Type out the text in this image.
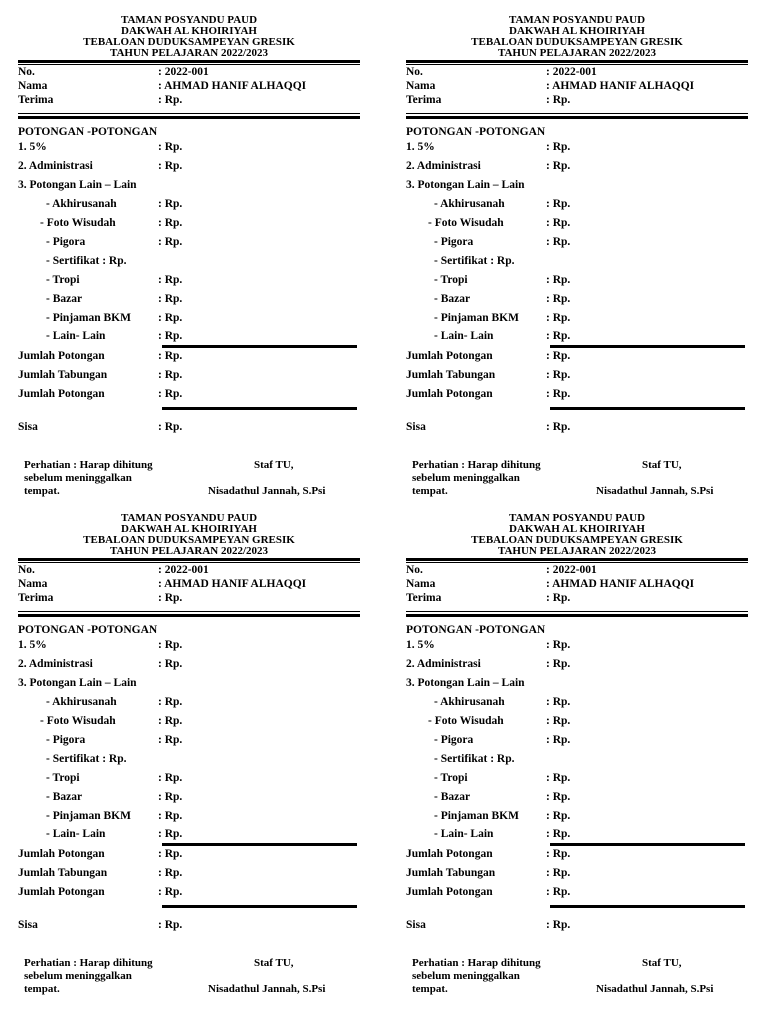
TAMAN POSYANDU PAUD
DAKWAH AL KHOIRIYAH
TEBALOAN DUDUKSAMPEYAN GRESIK
TAHUN PELAJARAN 2022/2023
No.	: 2022-001
Nama	: AHMAD HANIF ALHAQQI
Terima	: Rp.
POTONGAN -POTONGAN
1. 5%	: Rp.
2. Administrasi	: Rp.
3. Potongan Lain – Lain
- Akhirusanah	: Rp.
- Foto Wisudah	: Rp.
- Pigora	: Rp.
- Sertifikat : Rp.
- Tropi	: Rp.
- Bazar	: Rp.
- Pinjaman BKM : Rp.
- Lain- Lain	: Rp.
Jumlah Potongan	: Rp.
Jumlah Tabungan	: Rp.
Jumlah Potongan	: Rp.
Sisa	: Rp.
Perhatian : Harap dihitung
sebelum meninggalkan
tempat.
Staf TU,
Nisadathul Jannah, S.Psi
TAMAN POSYANDU PAUD
DAKWAH AL KHOIRIYAH
TEBALOAN DUDUKSAMPEYAN GRESIK
TAHUN PELAJARAN 2022/2023
No.	: 2022-001
Nama	: AHMAD HANIF ALHAQQI
Terima	: Rp.
POTONGAN -POTONGAN
1. 5%	: Rp.
2. Administrasi	: Rp.
3. Potongan Lain – Lain
- Akhirusanah	: Rp.
- Foto Wisudah	: Rp.
- Pigora	: Rp.
- Sertifikat : Rp.
- Tropi	: Rp.
- Bazar	: Rp.
- Pinjaman BKM : Rp.
- Lain- Lain	: Rp.
Jumlah Potongan	: Rp.
Jumlah Tabungan	: Rp.
Jumlah Potongan	: Rp.
Sisa	: Rp.
Perhatian : Harap dihitung
sebelum meninggalkan
tempat.
Staf TU,
Nisadathul Jannah, S.Psi
TAMAN POSYANDU PAUD
DAKWAH AL KHOIRIYAH
TEBALOAN DUDUKSAMPEYAN GRESIK
TAHUN PELAJARAN 2022/2023
No.	: 2022-001
Nama	: AHMAD HANIF ALHAQQI
Terima	: Rp.
POTONGAN -POTONGAN
1. 5%	: Rp.
2. Administrasi	: Rp.
3. Potongan Lain – Lain
- Akhirusanah	: Rp.
- Foto Wisudah	: Rp.
- Pigora	: Rp.
- Sertifikat : Rp.
- Tropi	: Rp.
- Bazar	: Rp.
- Pinjaman BKM : Rp.
- Lain- Lain	: Rp.
Jumlah Potongan	: Rp.
Jumlah Tabungan	: Rp.
Jumlah Potongan	: Rp.
Sisa	: Rp.
Perhatian : Harap dihitung
sebelum meninggalkan
tempat.
Staf TU,
Nisadathul Jannah, S.Psi
TAMAN POSYANDU PAUD
DAKWAH AL KHOIRIYAH
TEBALOAN DUDUKSAMPEYAN GRESIK
TAHUN PELAJARAN 2022/2023
No.	: 2022-001
Nama	: AHMAD HANIF ALHAQQI
Terima	: Rp.
POTONGAN -POTONGAN
1. 5%	: Rp.
2. Administrasi	: Rp.
3. Potongan Lain – Lain
- Akhirusanah	: Rp.
- Foto Wisudah	: Rp.
- Pigora	: Rp.
- Sertifikat : Rp.
- Tropi	: Rp.
- Bazar	: Rp.
- Pinjaman BKM : Rp.
- Lain- Lain	: Rp.
Jumlah Potongan	: Rp.
Jumlah Tabungan	: Rp.
Jumlah Potongan	: Rp.
Sisa	: Rp.
Perhatian : Harap dihitung
sebelum meninggalkan
tempat.
Staf TU,
Nisadathul Jannah, S.Psi
